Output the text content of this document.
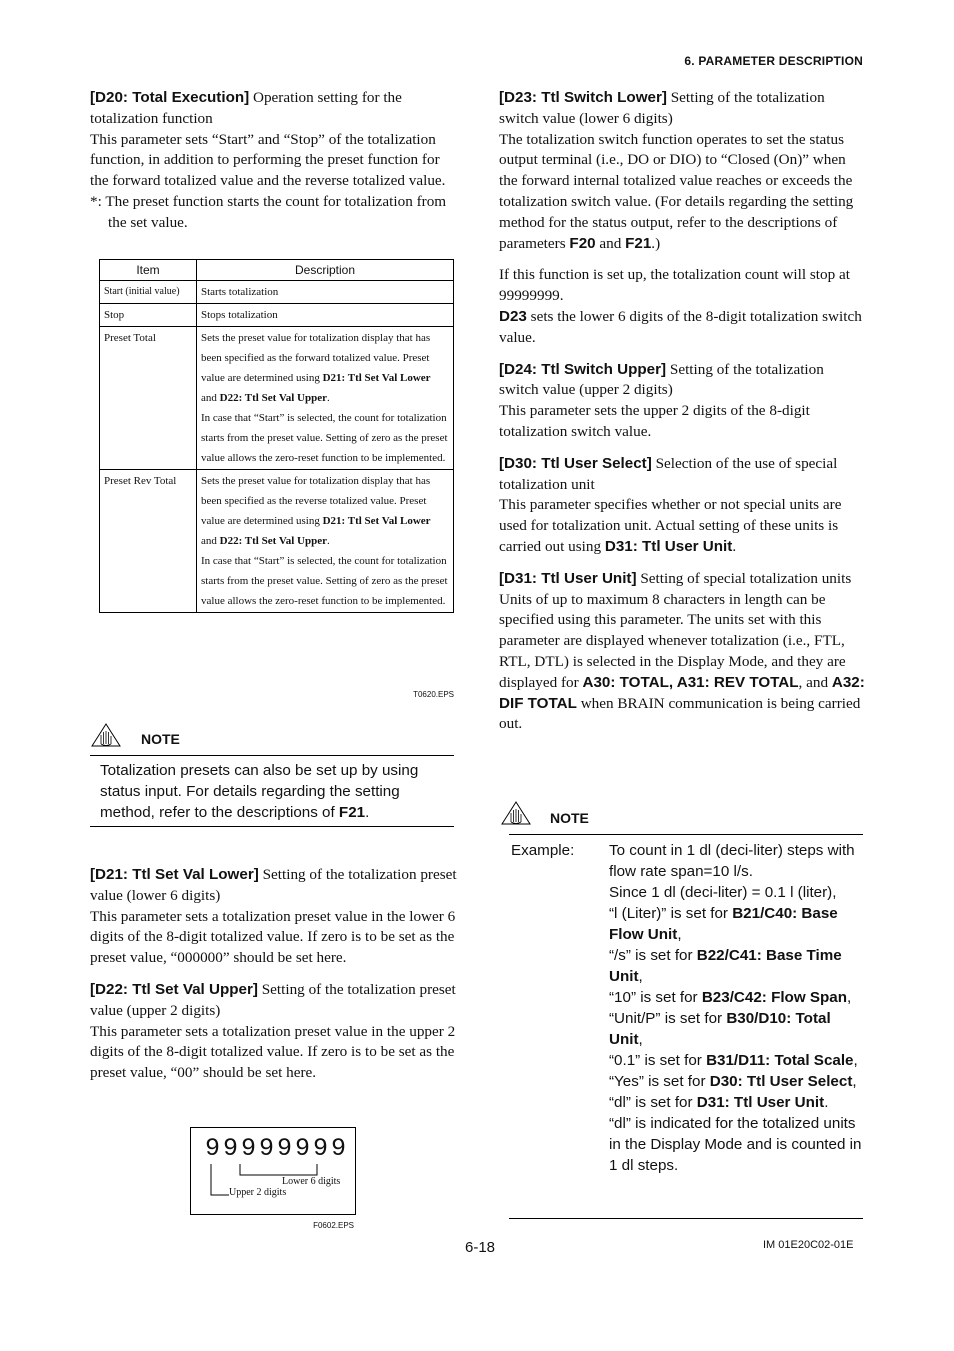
6. PARAMETER DESCRIPTION

[D20: Total Execution] Operation setting for the totalization function

This parameter sets “Start” and “Stop” of the totalization function, in addition to performing the preset function for the forward totalized value and the reverse totalized value.

*: The preset function starts the count for totalization from the set value.

Item	Description
Start (initial value)	Starts totalization
Stop	Stops totalization
Preset Total	Sets the preset value for totalization display that has been specified as the forward totalized value. Preset value are determined using D21: Ttl Set Val Lower and D22: Ttl Set Val Upper.
In case that “Start” is selected, the count for totalization starts from the preset value. Setting of zero as the preset value allows the zero-reset function to be implemented.
Preset Rev Total	Sets the preset value for totalization display that has been specified as the reverse totalized value. Preset value are determined using D21: Ttl Set Val Lower and D22: Ttl Set Val Upper.
In case that “Start” is selected, the count for totalization starts from the preset value. Setting of zero as the preset value allows the zero-reset function to be implemented.
T0620.EPS
NOTE
Totalization presets can also be set up by using status input. For details regarding the setting method, refer to the descriptions of F21.

[D21: Ttl Set Val Lower] Setting of the totalization preset value (lower 6 digits)

This parameter sets a totalization preset value in the lower 6 digits of the 8-digit totalized value. If zero is to be set as the preset value, “000000” should be set here.

[D22: Ttl Set Val Upper] Setting of the totalization preset value (upper 2 digits)

This parameter sets a totalization preset value in the upper 2 digits of the 8-digit totalized value. If zero is to be set as the preset value, “00” should be set here.

99999999
Lower 6 digits
Upper 2 digits
F0602.EPS

[D23: Ttl Switch Lower] Setting of the totalization switch value (lower 6 digits)

The totalization switch function operates to set the status output terminal (i.e., DO or DIO) to “Closed (On)” when the forward internal totalized value reaches or exceeds the totalization switch value. (For details regarding the setting method for the status output, refer to the descriptions of parameters F20 and F21.)

If this function is set up, the totalization count will stop at 99999999.

D23 sets the lower 6 digits of the 8-digit totalization switch value.

[D24: Ttl Switch Upper] Setting of the totalization switch value (upper 2 digits)

This parameter sets the upper 2 digits of the 8-digit totalization switch value.

[D30: Ttl User Select] Selection of the use of special totalization unit

This parameter specifies whether or not special units are used for totalization unit. Actual setting of these units is carried out using D31: Ttl User Unit.

[D31: Ttl User Unit] Setting of special totalization units

Units of up to maximum 8 characters in length can be specified using this parameter. The units set with this parameter are displayed whenever totalization (i.e., FTL, RTL, DTL) is selected in the Display Mode, and they are displayed for A30: TOTAL, A31: REV TOTAL, and A32: DIF TOTAL when BRAIN communication is being carried out.

NOTE
Example: To count in 1 dl (deci-liter) steps with flow rate span=10 l/s.
Since 1 dl (deci-liter) = 0.1 l (liter),
“l (Liter)” is set for B21/C40: Base Flow Unit,
“/s” is set for B22/C41: Base Time Unit,
“10” is set for B23/C42: Flow Span,
“Unit/P” is set for B30/D10: Total Unit,
“0.1” is set for B31/D11: Total Scale,
“Yes” is set for D30: Ttl User Select,
“dl” is set for D31: Ttl User Unit.
“dl” is indicated for the totalized units in the Display Mode and is counted in 1 dl steps.
6-18	IM 01E20C02-01E
